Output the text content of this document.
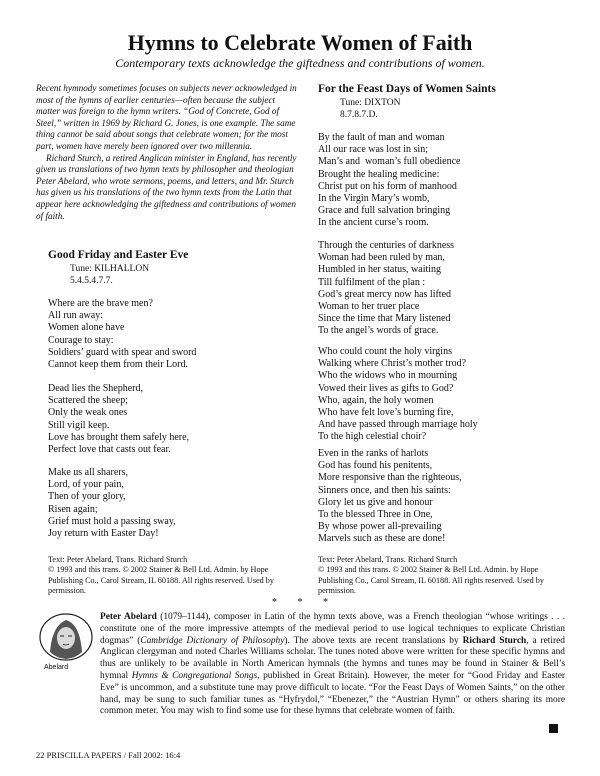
Hymns to Celebrate Women of Faith
Contemporary texts acknowledge the giftedness and contributions of women.

Recent hymnody sometimes focuses on subjects never acknowledged in most of the hymns of earlier centuries—often because the subject matter was foreign to the hymn writers. “God of Concrete, God of Steel,” written in 1969 by Richard G. Jones, is one example. The same thing cannot be said about songs that celebrate women; for the most part, women have merely been ignored over two millennia.

Richard Sturch, a retired Anglican minister in England, has recently given us translations of two hymn texts by philosopher and theologian Peter Abelard, who wrote sermons, poems, and letters, and Mr. Sturch has given us his translations of the two hymn texts from the Latin that appear here acknowledging the giftedness and contributions of women of faith.

Good Friday and Easter Eve
Tune: KILHALLON
5.4.5.4.7.7.
Where are the brave men?
All run away:
Women alone have
Courage to stay:
Soldiers’ guard with spear and sword
Cannot keep them from their Lord.
Dead lies the Shepherd,
Scattered the sheep;
Only the weak ones
Still vigil keep.
Love has brought them safely here,
Perfect love that casts out fear.
Make us all sharers,
Lord, of your pain,
Then of your glory,
Risen again;
Grief must hold a passing sway,
Joy return with Easter Day!
Text: Peter Abelard, Trans. Richard Sturch
© 1993 and this trans. © 2002 Stainer & Bell Ltd. Admin. by Hope Publishing Co., Carol Stream, IL 60188. All rights reserved. Used by permission.
For the Feast Days of Women Saints
Tune: DIXTON
8.7.8.7.D.
By the fault of man and woman
All our race was lost in sin;
Man’s and  woman’s full obedience
Brought the healing medicine:
Christ put on his form of manhood
In the Virgin Mary’s womb,
Grace and full salvation bringing
In the ancient curse’s room.
Through the centuries of darkness
Woman had been ruled by man,
Humbled in her status, waiting
Till fulfilment of the plan :
God’s great mercy now has lifted
Woman to her truer place
Since the time that Mary listened
To the angel’s words of grace.
Who could count the holy virgins
Walking where Christ’s mother trod?
Who the widows who in mourning
Vowed their lives as gifts to God?
Who, again, the holy women
Who have felt love’s burning fire,
And have passed through marriage holy
To the high celestial choir?
Even in the ranks of harlots
God has found his penitents,
More responsive than the righteous,
Sinners once, and then his saints:
Glory let us give and honour
To the blessed Three in One,
By whose power all-prevailing
Marvels such as these are done!
Text: Peter Abelard, Trans. Richard Sturch
© 1993 and this trans. © 2002 Stainer & Bell Ltd. Admin. by Hope Publishing Co., Carol Stream, IL 60188. All rights reserved. Used by permission.
* * *
Abelard
Peter Abelard (1079–1144), composer in Latin of the hymn texts above, was a French theologian “whose writings . . . constitute one of the more impressive attempts of the medieval period to use logical techniques to explicate Christian dogmas” (Cambridge Dictionary of Philosophy). The above texts are recent translations by Richard Sturch, a retired Anglican clergyman and noted Charles Williams scholar. The tunes noted above were written for these specific hymns and thus are unlikely to be available in North American hymnals (the hymns and tunes may be found in Stainer & Bell’s hymnal Hymns & Congregational Songs, published in Great Britain). However, the meter for “Good Friday and Easter Eve” is uncommon, and a substitute tune may prove difficult to locate. “For the Feast Days of Women Saints,” on the other hand, may be sung to such familiar tunes as “Hyfrydol,” “Ebenezer,” the “Austrian Hymn” or others sharing its more common meter. You may wish to find some use for these hymns that celebrate women of faith.
22 PRISCILLA PAPERS / Fall 2002: 16:4
